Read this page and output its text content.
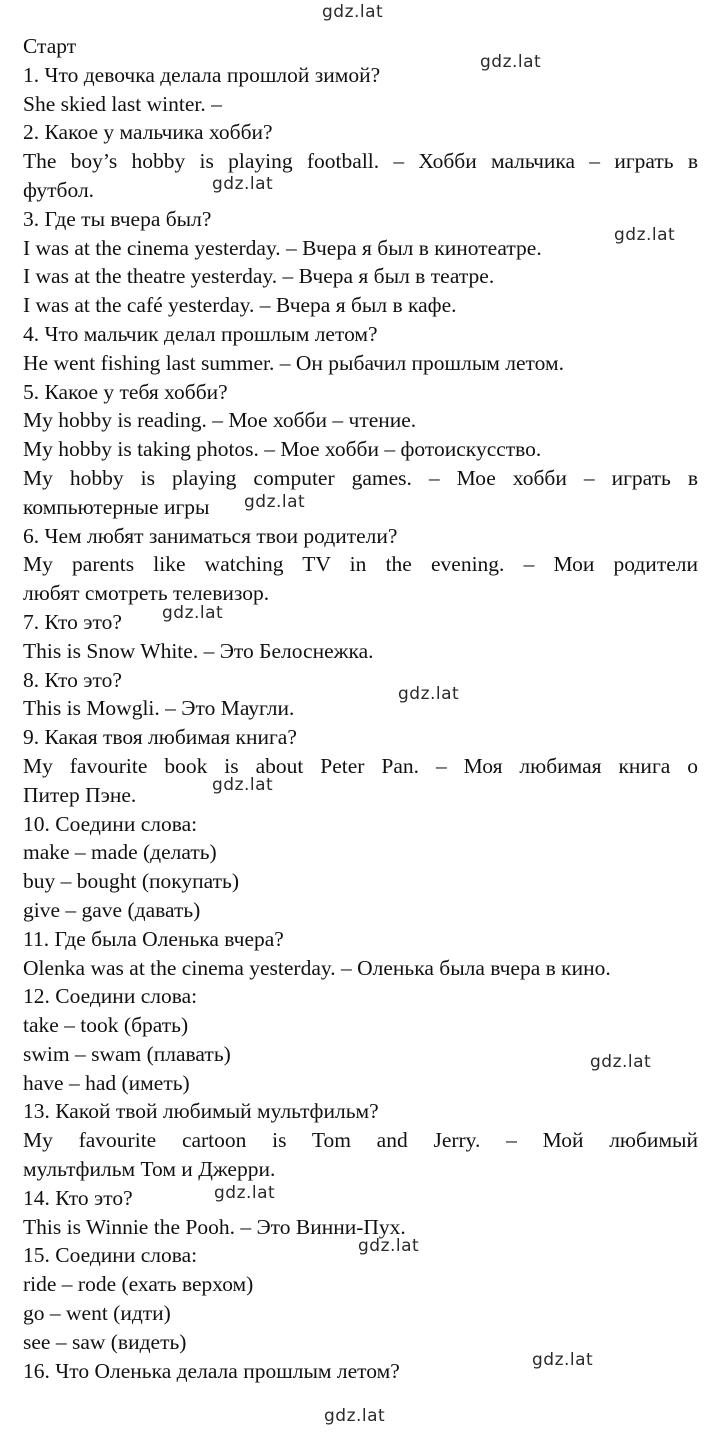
Старт
1. Что девочка делала прошлой зимой?
She skied last winter. –
2. Какое у мальчика хобби?
The boy’s hobby is playing football. – Хобби мальчика – играть в
футбол.
3. Где ты вчера был?
I was at the cinema yesterday. – Вчера я был в кинотеатре.
I was at the theatre yesterday. – Вчера я был в театре.
I was at the café yesterday. – Вчера я был в кафе.
4. Что мальчик делал прошлым летом?
He went fishing last summer. – Он рыбачил прошлым летом.
5. Какое у тебя хобби?
My hobby is reading. – Мое хобби – чтение.
My hobby is taking photos. – Мое хобби – фотоискусство.
My hobby is playing computer games. – Мое хобби – играть в
компьютерные игры
6. Чем любят заниматься твои родители?
My parents like watching TV in the evening. – Мои родители
любят смотреть телевизор.
7. Кто это?
This is Snow White. – Это Белоснежка.
8. Кто это?
This is Mowgli. – Это Маугли.
9. Какая твоя любимая книга?
My favourite book is about Peter Pan. – Моя любимая книга о
Питер Пэне.
10. Соедини слова:
make – made (делать)
buy – bought (покупать)
give – gave (давать)
11. Где была Оленька вчера?
Olenka was at the cinema yesterday. – Оленька была вчера в кино.
12. Соедини слова:
take – took (брать)
swim – swam (плавать)
have – had (иметь)
13. Какой твой любимый мультфильм?
My favourite cartoon is Tom and Jerry. – Мой любимый
мультфильм Том и Джерри.
14. Кто это?
This is Winnie the Pooh. – Это Винни-Пух.
15. Соедини слова:
ride – rode (ехать верхом)
go – went (идти)
see – saw (видеть)
16. Что Оленька делала прошлым летом?
gdz.lat
gdz.lat
gdz.lat
gdz.lat
gdz.lat
gdz.lat
gdz.lat
gdz.lat
gdz.lat
gdz.lat
gdz.lat
gdz.lat
gdz.lat
